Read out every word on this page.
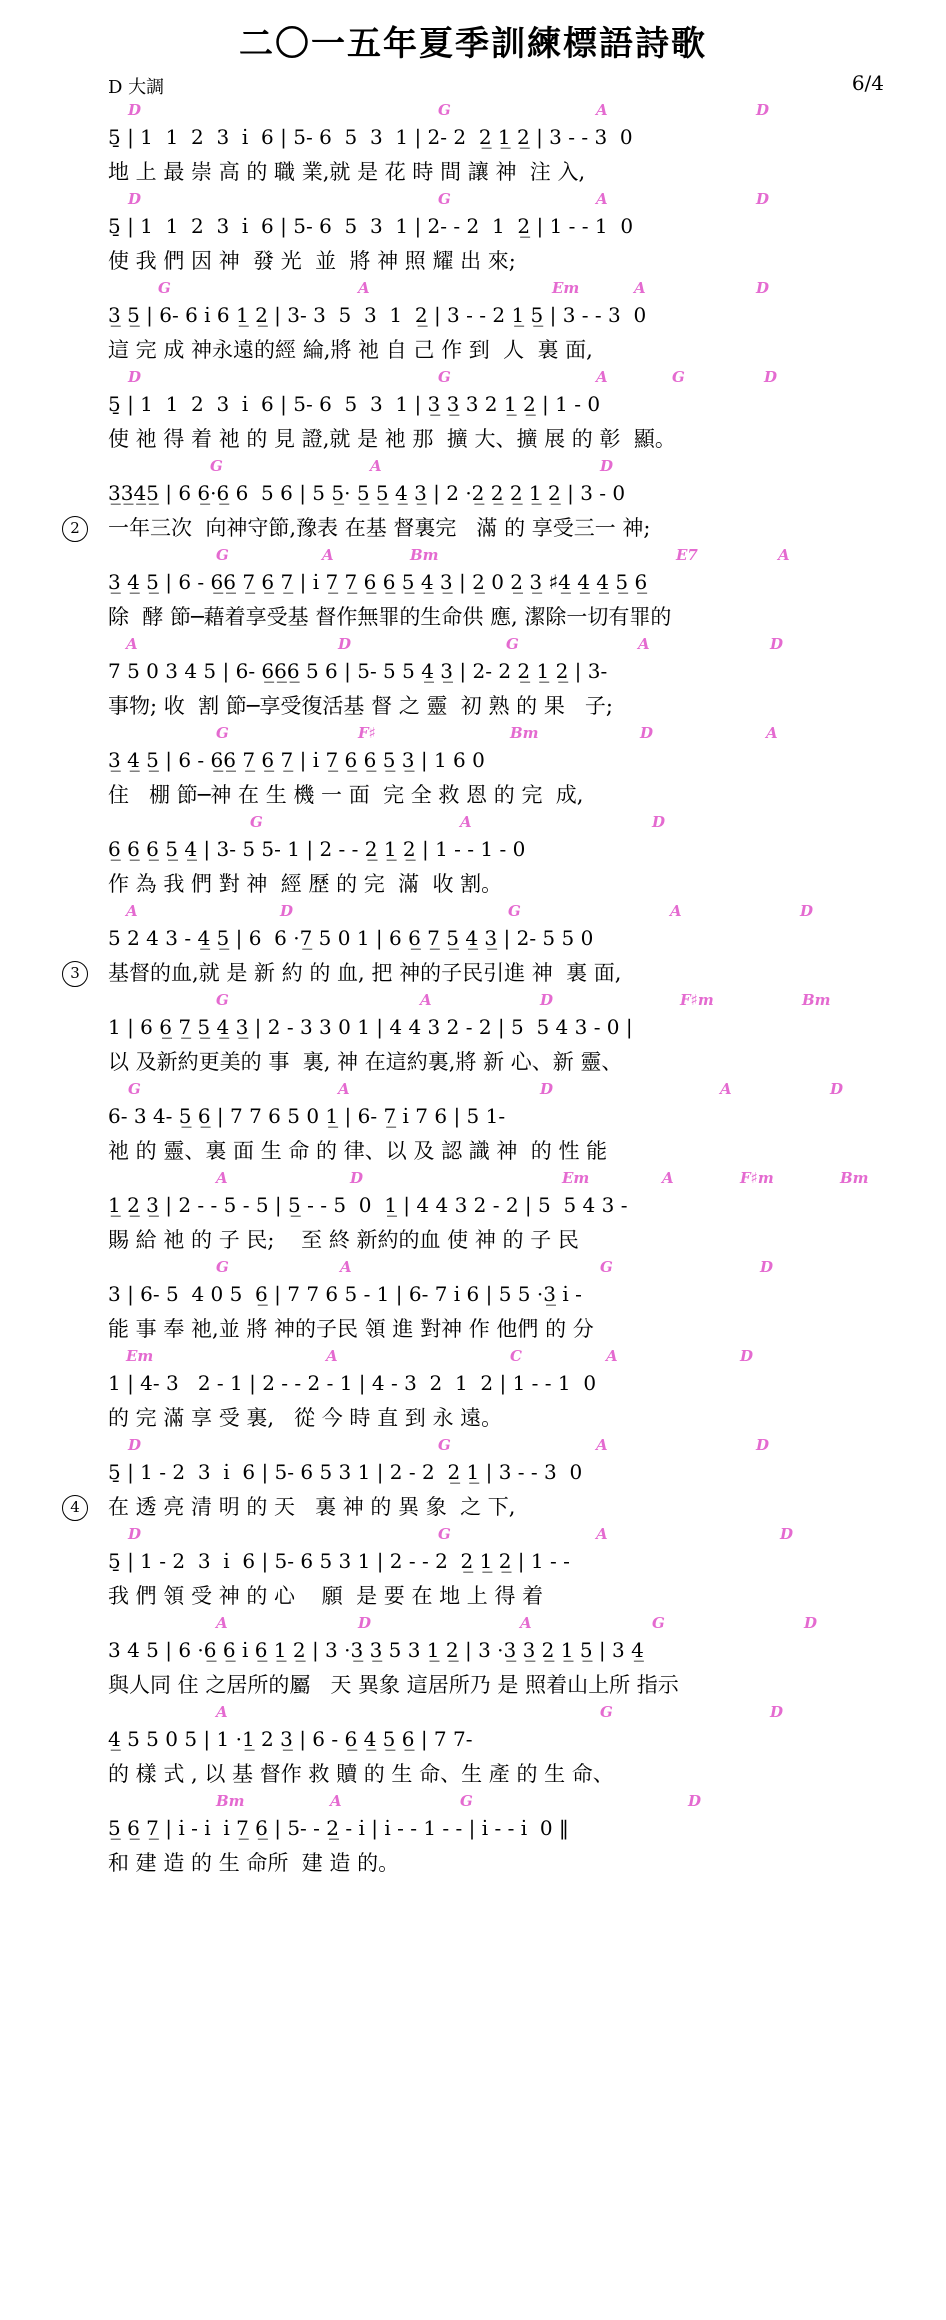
二〇一五年夏季訓練標語詩歌
D 大調	6/4
D	G	A	D
5̱ | 1  1  2  3  i̇  6 | 5- 6  5  3  1 | 2- 2  2̲ 1̲ 2̲ | 3 - - 3  0
地 上 最 崇 高 的 職 業,就 是 花 時 間 讓 神  注 入,
D	G	A	D
5̱ | 1  1  2  3  i̇  6 | 5- 6  5  3  1 | 2- - 2  1  2̲ | 1 - - 1  0
使 我 們 因 神  發 光  並  將 神 照 耀 出 來;
G	A	Em	A	D
3̲ 5̲ | 6- 6 i̇ 6 1̲ 2̲ | 3- 3  5  3  1  2̲ | 3 - - 2 1̲ 5̲ | 3 - - 3  0
這 完 成 神永遠的經 綸,將 祂 自 己 作 到  人  裏 面,
D	G	A	G	D
5̱ | 1  1  2  3  i̇  6 | 5- 6  5  3  1 | 3̲ 3̲ 3 2 1̲ 2̲ | 1 - 0
使 祂 得 着 祂 的 見 證,就 是 祂 那  擴 大、擴 展 的 彰  顯。
G	A	D
3̲3̲4̲5̲ | 6 6̲·6̲ 6  5 6 | 5 5̲· 5̲ 5̲ 4̲ 3̲ | 2 ·2̲ 2̲ 2̲ 1̲ 2̲ | 3 - 0
2	一年三次  向神守節,豫表 在基 督裏完   滿 的 享受三一 神;
G	A	Bm	E7	A
3̲ 4̲ 5̲ | 6 - 6̲6̲ 7̲ 6̲ 7̲ | i̇ 7̲ 7̲ 6̲ 6̲ 5̲ 4̲ 3̲ | 2̲ 0 2̲ 3̲ ♯4̲ 4̲ 4̲ 5̲ 6̲
除  酵 節─藉着享受基 督作無罪的生命供 應, 潔除一切有罪的
A	D	G	A	D
7 5 0 3 4 5 | 6- 6̲6̲6̲ 5 6 | 5- 5 5 4̲ 3̲ | 2- 2 2̲ 1̲ 2̲ | 3-
事物; 收  割 節─享受復活基 督 之 靈  初 熟 的 果   子;
G	F♯	Bm	D	A
3̲ 4̲ 5̲ | 6 - 6̲6̲ 7̲ 6̲ 7̲ | i̇ 7̲ 6̲ 6̲ 5̲ 3̲ | 1 6 0
住   棚 節─神 在 生 機 一 面  完 全 救 恩 的 完  成,
G	A	D
6̲ 6̲ 6̲ 5̲ 4̲ | 3- 5 5- 1 | 2 - - 2̲ 1̲ 2̲ | 1 - - 1 - 0
作 為 我 們 對 神  經 歷 的 完  滿  收 割。
A	D	G	A	D
5 2 4 3 - 4̲ 5̲ | 6  6 ·7̲ 5 0 1 | 6 6̲ 7̲ 5̲ 4̲ 3̲ | 2- 5 5 0
3	基督的血,就 是 新 約 的 血, 把 神的子民引進 神  裏 面,
G	A	D	F♯m	Bm
1 | 6 6̲ 7̲ 5̲ 4̲ 3̲ | 2 - 3 3 0 1 | 4 4 3 2 - 2 | 5  5 4 3 - 0 |
以 及新約更美的 事  裏, 神 在這約裏,將 新 心、新 靈、
G	A	D	A	D
6- 3 4- 5̲ 6̲ | 7 7 6 5 0 1̲ | 6- 7̲ i̇ 7 6 | 5 1-
祂 的 靈、裏 面 生 命 的 律、以 及 認 識 神  的 性 能
A	D	Em	A	F♯m	Bm
1̲ 2̲ 3̲ | 2 - - 5 - 5 | 5̲ - - 5  0  1̲ | 4 4 3 2 - 2 | 5  5 4 3 -
賜 給 祂 的 子 民;    至 終 新約的血 使 神 的 子 民
G	A	G	D
3 | 6- 5  4 0 5  6̲ | 7 7 6 5 - 1 | 6- 7 i̇ 6 | 5 5 ·3̲ i̇ -
能 事 奉 祂,並 將 神的子民 領 進 對神 作 他們 的 分
Em	A	C	A	D
1 | 4- 3   2 - 1 | 2 - - 2 - 1 | 4 - 3  2  1  2 | 1 - - 1  0
的 完 滿 享 受 裏,   從 今 時 直 到 永 遠。
D	G	A	D
5̱ | 1 - 2  3  i̇  6 | 5- 6 5 3 1 | 2 - 2  2̲ 1̲ | 3 - - 3  0
4	在 透 亮 清 明 的 天   裏 神 的 異 象  之 下,
D	G	A	D
5̱ | 1 - 2  3  i̇  6 | 5- 6 5 3 1 | 2 - - 2  2̲ 1̲ 2̲ | 1 - -
我 們 領 受 神 的 心    願  是 要 在 地 上 得 着
A	D	A	G	D
3 4 5 | 6 ·6̲ 6̲ i̇ 6̲ 1̲ 2̲ | 3 ·3̲ 3̲ 5 3 1̲ 2̲ | 3 ·3̲ 3̲ 2̲ 1̲ 5̲ | 3 4̲
與人同 住 之居所的屬   天 異象 這居所乃 是 照着山上所 指示
A	G	D
4̲ 5 5 0 5 | 1 ·1̲ 2 3̲ | 6 - 6̲ 4̲ 5̲ 6̲ | 7 7-
的 樣 式 , 以 基 督作 救 贖 的 生 命、生 產 的 生 命、
Bm	A	G	D
5̲ 6̲ 7̲ | i̇ - i̇  i̇ 7̲ 6̲ | 5- - 2̲ - i̇ | i̇ - - 1 - - | i̇ - - i̇  0 ‖
和 建 造 的 生 命所  建 造 的。
